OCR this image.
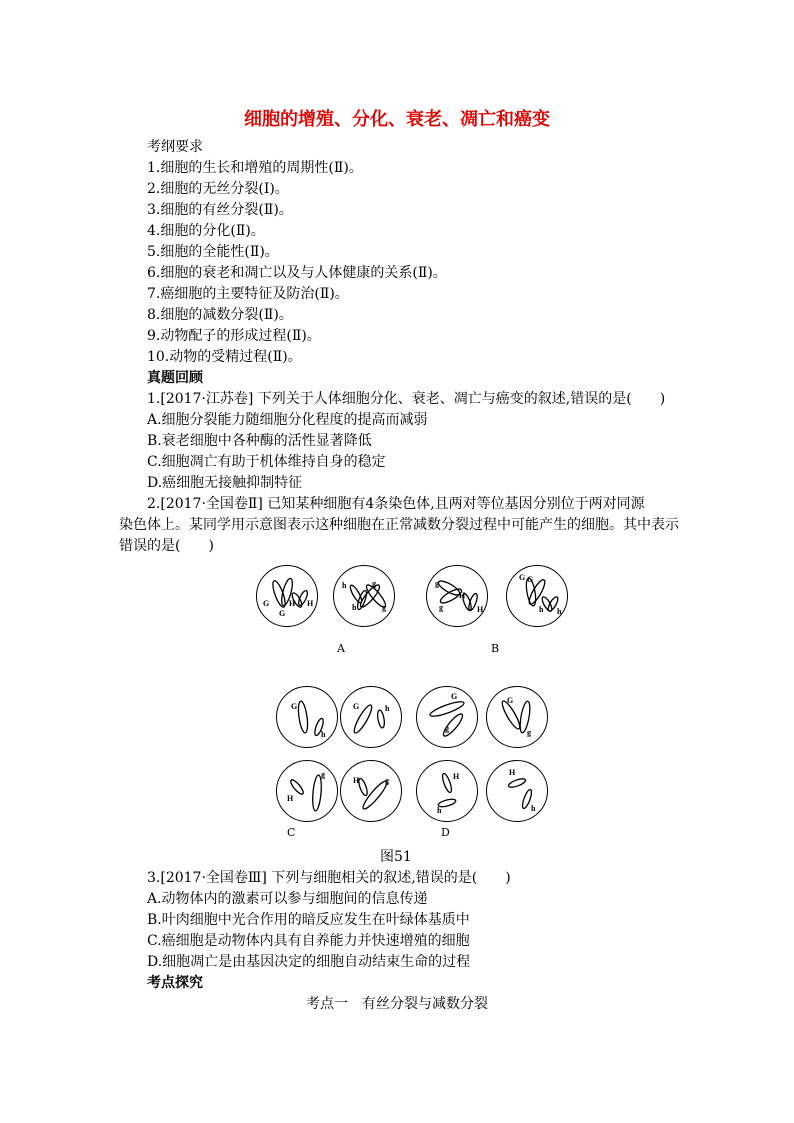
细胞的增殖、分化、衰老、凋亡和癌变
考纲要求
1.细胞的生长和增殖的周期性(Ⅱ)。
2.细胞的无丝分裂(Ⅰ)。
3.细胞的有丝分裂(Ⅱ)。
4.细胞的分化(Ⅱ)。
5.细胞的全能性(Ⅱ)。
6.细胞的衰老和凋亡以及与人体健康的关系(Ⅱ)。
7.癌细胞的主要特征及防治(Ⅱ)。
8.细胞的减数分裂(Ⅱ)。
9.动物配子的形成过程(Ⅱ)。
10.动物的受精过程(Ⅱ)。
真题回顾
1.[2017·江苏卷] 下列关于人体细胞分化、衰老、凋亡与癌变的叙述,错误的是(　　)
A.细胞分裂能力随细胞分化程度的提高而减弱
B.衰老细胞中各种酶的活性显著降低
C.细胞凋亡有助于机体维持自身的稳定
D.癌细胞无接触抑制特征
2.[2017·全国卷Ⅱ] 已知某种细胞有4条染色体,且两对等位基因分别位于两对同源
染色体上。某同学用示意图表示这种细胞在正常减数分裂过程中可能产生的细胞。其中表示
错误的是(　　)
G
G
H H
h
h
g
g
g
g
H
H
G G
h h
A	B
G
h
G	h
G
g
G
g
H
g
H	g	H
h
H
h
C	D
图51
3.[2017·全国卷Ⅲ] 下列与细胞相关的叙述,错误的是(　　)
A.动物体内的激素可以参与细胞间的信息传递
B.叶肉细胞中光合作用的暗反应发生在叶绿体基质中
C.癌细胞是动物体内具有自养能力并快速增殖的细胞
D.细胞凋亡是由基因决定的细胞自动结束生命的过程
考点探究
考点一　有丝分裂与减数分裂
